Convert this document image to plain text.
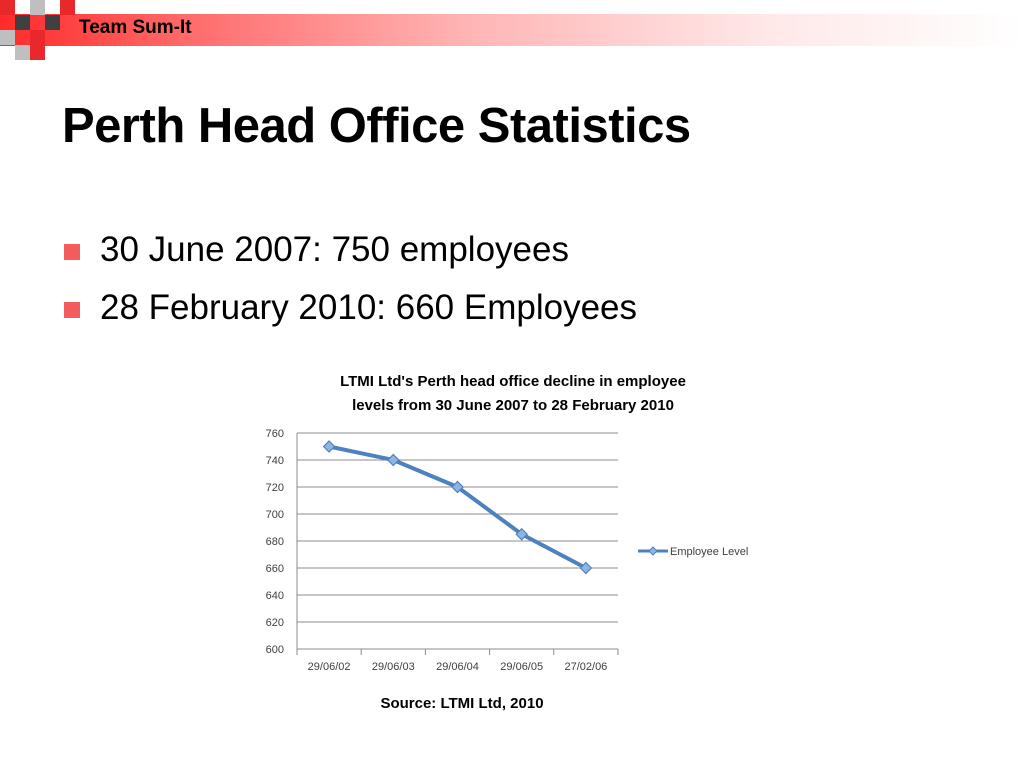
Team Sum-It
Perth Head Office Statistics
30 June 2007: 750 employees
28 February 2010: 660 Employees
LTMI Ltd's Perth head office decline in employee
levels from 30 June 2007 to 28 February 2010
600
620
640
660
680
700
720
740
760
29/06/02 29/06/03 29/06/04 29/06/05 27/02/06
Employee Level
Source: LTMI Ltd, 2010
